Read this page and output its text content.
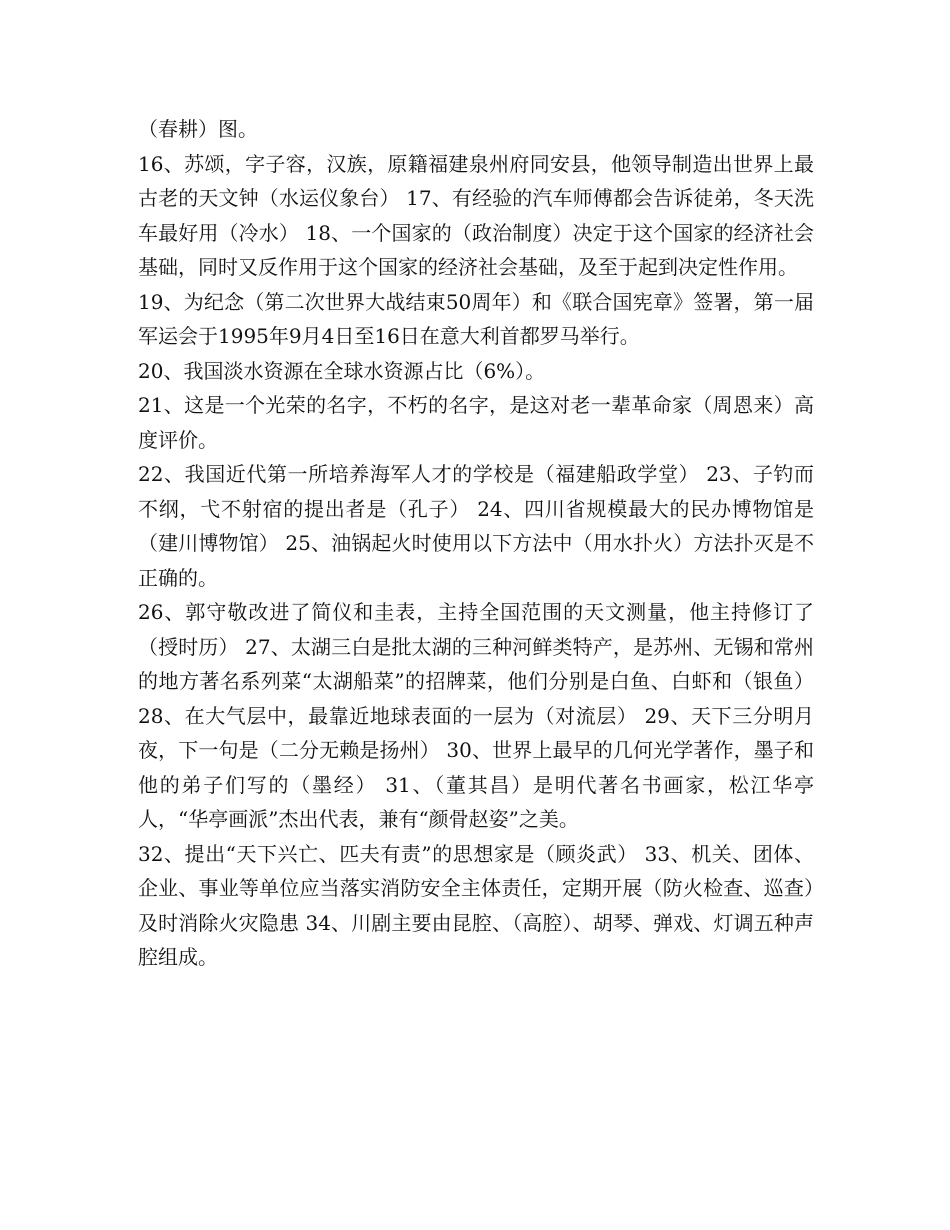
（春耕）图。

16、苏颂，字子容，汉族，原籍福建泉州府同安县，他领导制造出世界上最古老的天文钟（水运仪象台） 17、有经验的汽车师傅都会告诉徒弟，冬天洗车最好用（冷水） 18、一个国家的（政治制度）决定于这个国家的经济社会基础，同时又反作用于这个国家的经济社会基础，及至于起到决定性作用。

19、为纪念（第二次世界大战结束50周年）和《联合国宪章》签署，第一届军运会于1995年9月4日至16日在意大利首都罗马举行。

20、我国淡水资源在全球水资源占比（6%）。

21、这是一个光荣的名字，不朽的名字，是这对老一辈革命家（周恩来）高度评价。

22、我国近代第一所培养海军人才的学校是（福建船政学堂） 23、子钓而不纲，弋不射宿的提出者是（孔子） 24、四川省规模最大的民办博物馆是（建川博物馆） 25、油锅起火时使用以下方法中（用水扑火）方法扑灭是不正确的。

26、郭守敬改进了简仪和圭表，主持全国范围的天文测量，他主持修订了（授时历） 27、太湖三白是批太湖的三种河鲜类特产，是苏州、无锡和常州的地方著名系列菜“太湖船菜”的招牌菜，他们分别是白鱼、白虾和（银鱼） 28、在大气层中，最靠近地球表面的一层为（对流层） 29、天下三分明月夜，下一句是（二分无赖是扬州） 30、世界上最早的几何光学著作，墨子和他的弟子们写的（墨经） 31、（董其昌）是明代著名书画家，松江华亭人，“华亭画派”杰出代表，兼有“颜骨赵姿”之美。

32、提出“天下兴亡、匹夫有责”的思想家是（顾炎武） 33、机关、团体、企业、事业等单位应当落实消防安全主体责任，定期开展（防火检查、巡查）及时消除火灾隐患 34、川剧主要由昆腔、（高腔）、胡琴、弹戏、灯调五种声腔组成。
